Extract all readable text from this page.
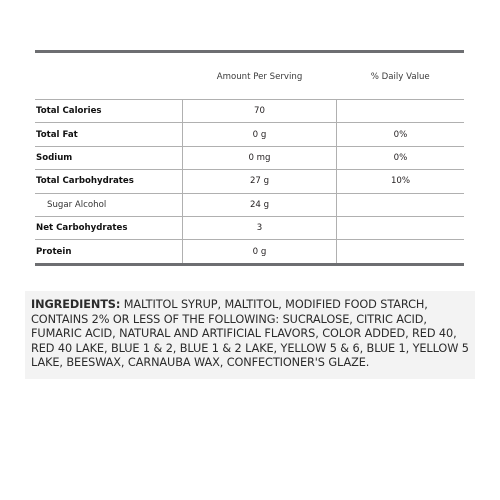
	Amount Per Serving	% Daily Value
Total Calories	70	
Total Fat	0 g	0%
Sodium	0 mg	0%
Total Carbohydrates	27 g	10%
Sugar Alcohol	24 g	
Net Carbohydrates	3	
Protein	0 g	
INGREDIENTS: MALTITOL SYRUP, MALTITOL, MODIFIED FOOD STARCH, CONTAINS 2% OR LESS OF THE FOLLOWING: SUCRALOSE, CITRIC ACID, FUMARIC ACID, NATURAL AND ARTIFICIAL FLAVORS, COLOR ADDED, RED 40, RED 40 LAKE, BLUE 1 & 2, BLUE 1 & 2 LAKE, YELLOW 5 & 6, BLUE 1, YELLOW 5 LAKE, BEESWAX, CARNAUBA WAX, CONFECTIONER'S GLAZE.
